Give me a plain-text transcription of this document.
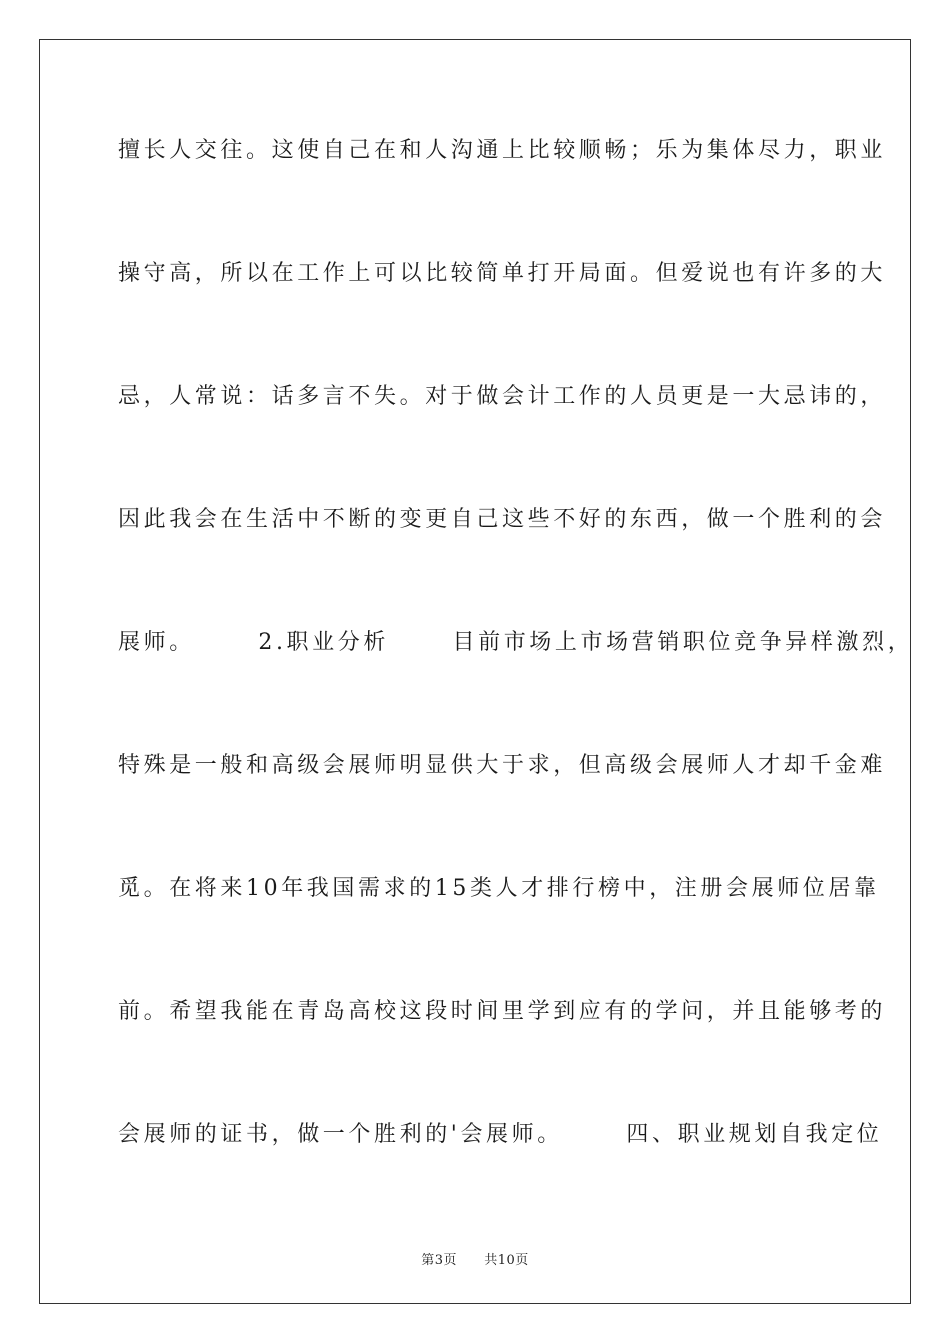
擅长人交往。这使自己在和人沟通上比较顺畅；乐为集体尽力，职业
操守高，所以在工作上可以比较简单打开局面。但爱说也有许多的大
忌，人常说：话多言不失。对于做会计工作的人员更是一大忌讳的，
因此我会在生活中不断的变更自己这些不好的东西，做一个胜利的会
展师。      2.职业分析      目前市场上市场营销职位竞争异样激烈，
特殊是一般和高级会展师明显供大于求，但高级会展师人才却千金难
觅。在将来10年我国需求的15类人才排行榜中，注册会展师位居靠
前。希望我能在青岛高校这段时间里学到应有的学问，并且能够考的
会展师的证书，做一个胜利的'会展师。      四、职业规划自我定位
第3页 共10页
